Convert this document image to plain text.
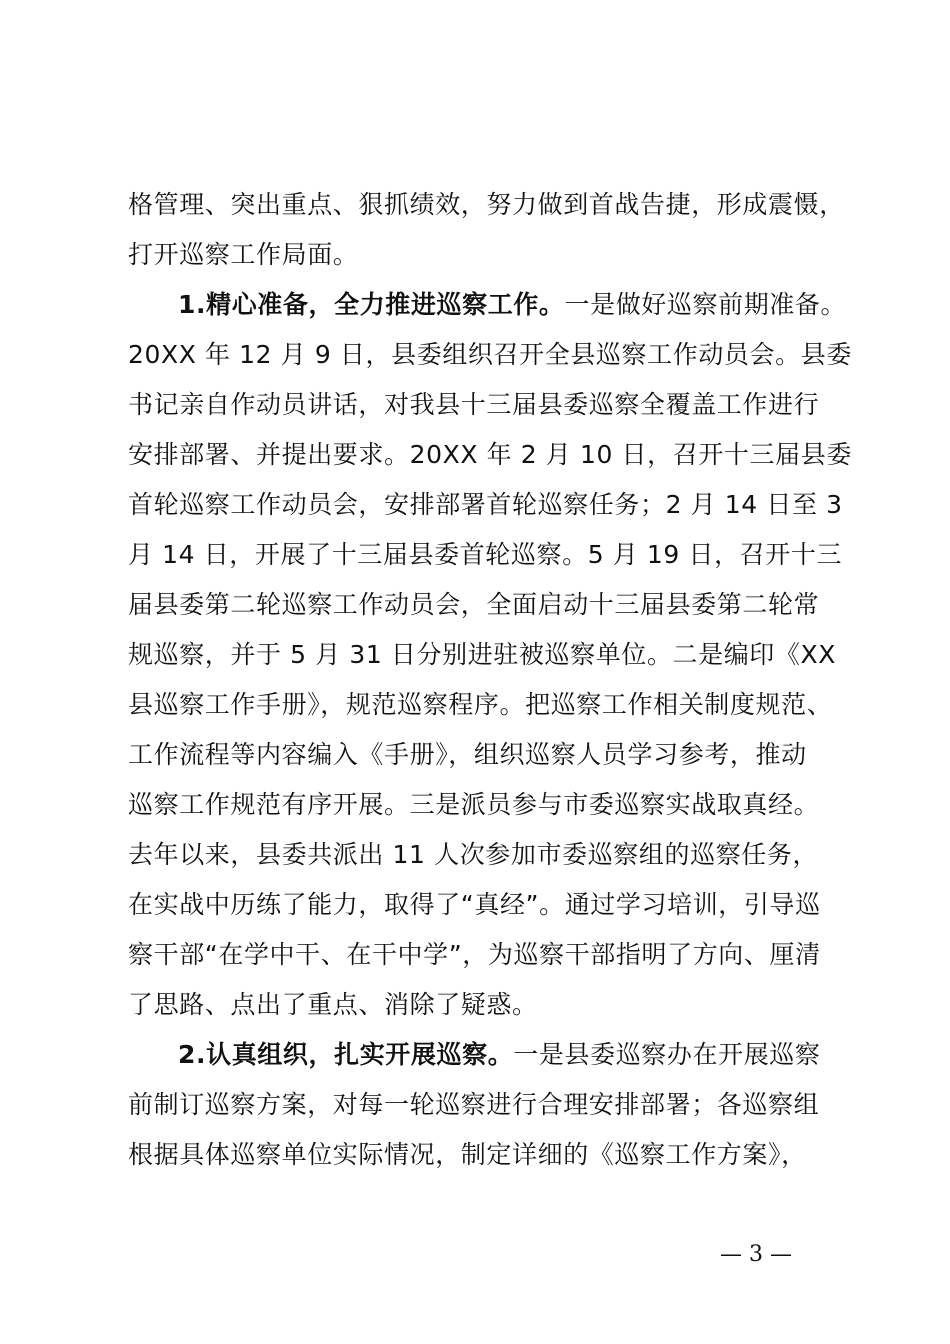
格管理、突出重点、狠抓绩效，努力做到首战告捷，形成震慑，
打开巡察工作局面。
1.精心准备，全力推进巡察工作。一是做好巡察前期准备。
20XX 年 12 月 9 日，县委组织召开全县巡察工作动员会。县委
书记亲自作动员讲话，对我县十三届县委巡察全覆盖工作进行
安排部署、并提出要求。20XX 年 2 月 10 日，召开十三届县委
首轮巡察工作动员会，安排部署首轮巡察任务；2 月 14 日至 3
月 14 日，开展了十三届县委首轮巡察。5 月 19 日，召开十三
届县委第二轮巡察工作动员会，全面启动十三届县委第二轮常
规巡察，并于 5 月 31 日分别进驻被巡察单位。二是编印《XX
县巡察工作手册》，规范巡察程序。把巡察工作相关制度规范、
工作流程等内容编入《手册》，组织巡察人员学习参考，推动
巡察工作规范有序开展。三是派员参与市委巡察实战取真经。
去年以来，县委共派出 11 人次参加市委巡察组的巡察任务，
在实战中历练了能力，取得了“真经”。通过学习培训，引导巡
察干部“在学中干、在干中学”，为巡察干部指明了方向、厘清
了思路、点出了重点、消除了疑惑。
2.认真组织，扎实开展巡察。一是县委巡察办在开展巡察
前制订巡察方案，对每一轮巡察进行合理安排部署；各巡察组
根据具体巡察单位实际情况，制定详细的《巡察工作方案》，
— 3 —
